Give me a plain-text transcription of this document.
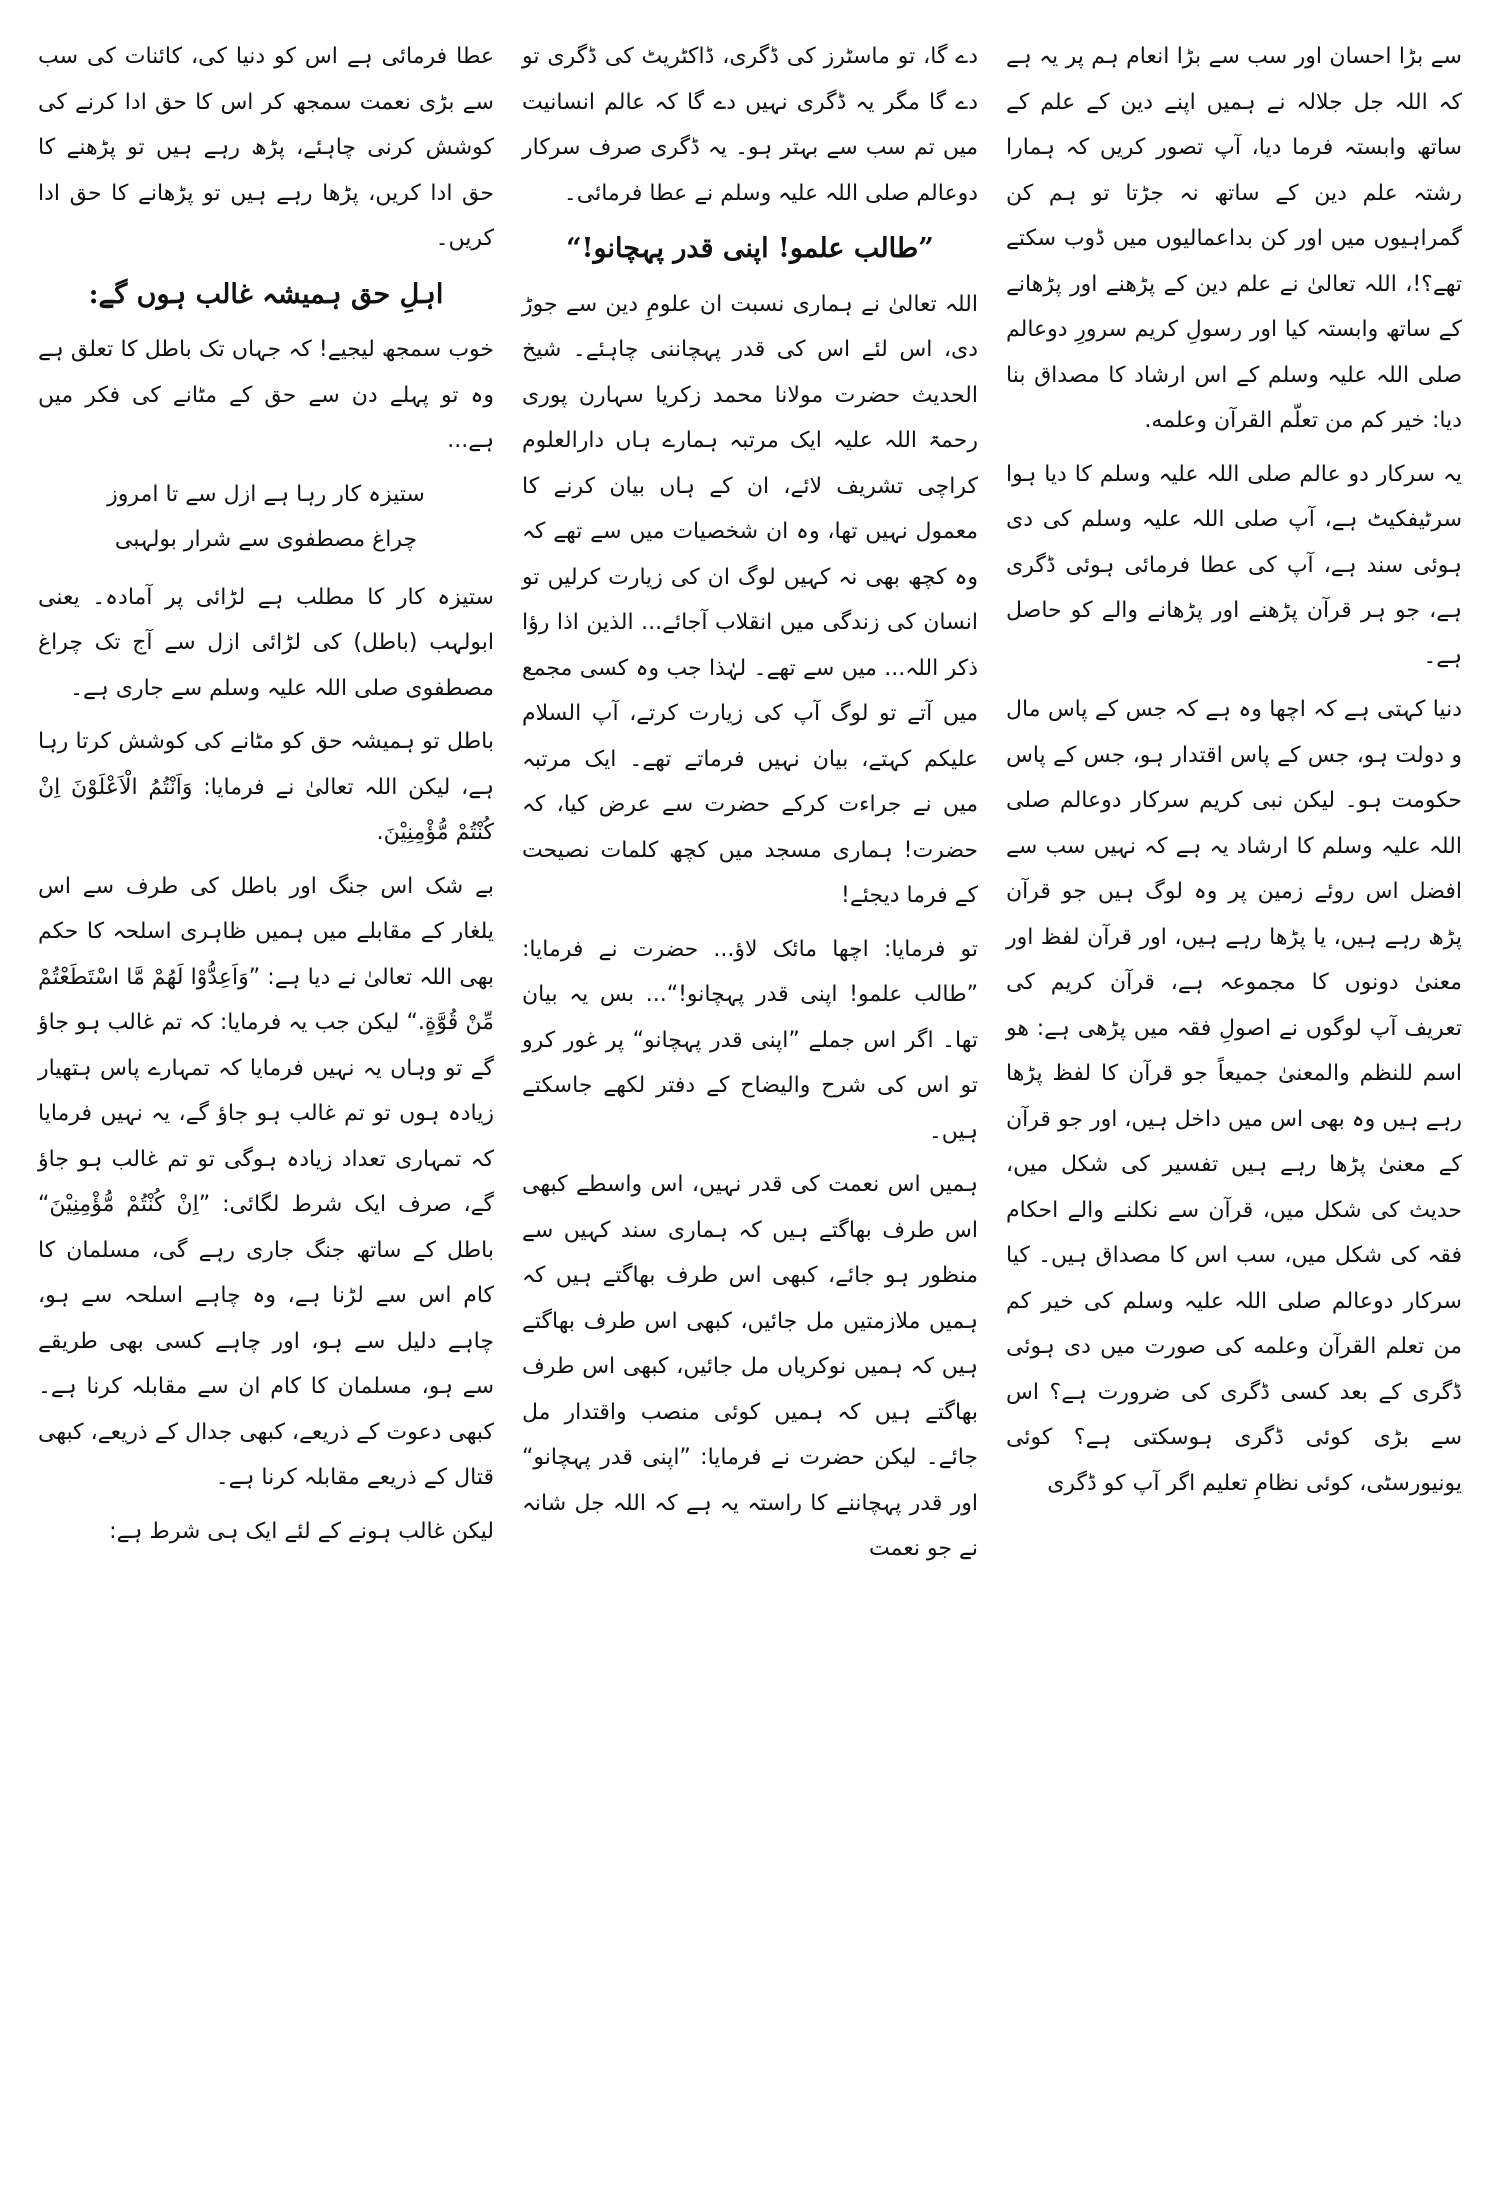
سے بڑا احسان اور سب سے بڑا انعام ہم پر یہ ہے کہ اللہ جل جلالہ نے ہمیں اپنے دین کے علم کے ساتھ وابستہ فرما دیا، آپ تصور کریں کہ ہمارا رشتہ علم دین کے ساتھ نہ جڑتا تو ہم کن گمراہیوں میں اور کن بداعمالیوں میں ڈوب سکتے تھے؟!، اللہ تعالیٰ نے علم دین کے پڑھنے اور پڑھانے کے ساتھ وابستہ کیا اور رسولِ کریم سرورِ دوعالم صلی اللہ علیہ وسلم کے اس ارشاد کا مصداق بنا دیا: خیر کم من تعلّم القرآن وعلمه.

یہ سرکار دو عالم صلی اللہ علیہ وسلم کا دیا ہوا سرٹیفکیٹ ہے، آپ صلی اللہ علیہ وسلم کی دی ہوئی سند ہے، آپ کی عطا فرمائی ہوئی ڈگری ہے، جو ہر قرآن پڑھنے اور پڑھانے والے کو حاصل ہے۔

دنیا کہتی ہے کہ اچھا وہ ہے کہ جس کے پاس مال و دولت ہو، جس کے پاس اقتدار ہو، جس کے پاس حکومت ہو۔ لیکن نبی کریم سرکار دوعالم صلی اللہ علیہ وسلم کا ارشاد یہ ہے کہ نہیں سب سے افضل اس روئے زمین پر وہ لوگ ہیں جو قرآن پڑھ رہے ہیں، یا پڑھا رہے ہیں، اور قرآن لفظ اور معنیٰ دونوں کا مجموعہ ہے، قرآن کریم کی تعریف آپ لوگوں نے اصولِ فقہ میں پڑھی ہے: ھو اسم للنظم والمعنیٰ جمیعاً جو قرآن کا لفظ پڑھا رہے ہیں وہ بھی اس میں داخل ہیں، اور جو قرآن کے معنیٰ پڑھا رہے ہیں تفسیر کی شکل میں، حدیث کی شکل میں، قرآن سے نکلنے والے احکام فقہ کی شکل میں، سب اس کا مصداق ہیں۔ کیا سرکار دوعالم صلی اللہ علیہ وسلم کی خیر کم من تعلم القرآن وعلمه کی صورت میں دی ہوئی ڈگری کے بعد کسی ڈگری کی ضرورت ہے؟ اس سے بڑی کوئی ڈگری ہوسکتی ہے؟ کوئی یونیورسٹی، کوئی نظامِ تعلیم اگر آپ کو ڈگری

دے گا، تو ماسٹرز کی ڈگری، ڈاکٹریٹ کی ڈگری تو دے گا مگر یہ ڈگری نہیں دے گا کہ عالم انسانیت میں تم سب سے بہتر ہو۔ یہ ڈگری صرف سرکار دوعالم صلی اللہ علیہ وسلم نے عطا فرمائی۔

”طالب علمو! اپنی قدر پہچانو!“

اللہ تعالیٰ نے ہماری نسبت ان علومِ دین سے جوڑ دی، اس لئے اس کی قدر پہچاننی چاہئے۔ شیخ الحدیث حضرت مولانا محمد زکریا سہارن پوری رحمۃ اللہ علیہ ایک مرتبہ ہمارے ہاں دارالعلوم کراچی تشریف لائے، ان کے ہاں بیان کرنے کا معمول نہیں تھا، وہ ان شخصیات میں سے تھے کہ وہ کچھ بھی نہ کہیں لوگ ان کی زیارت کرلیں تو انسان کی زندگی میں انقلاب آجائے... الذین اذا رؤا ذکر اللہ... میں سے تھے۔ لہٰذا جب وہ کسی مجمع میں آتے تو لوگ آپ کی زیارت کرتے، آپ السلام علیکم کہتے، بیان نہیں فرماتے تھے۔ ایک مرتبہ میں نے جراءت کرکے حضرت سے عرض کیا، کہ حضرت! ہماری مسجد میں کچھ کلمات نصیحت کے فرما دیجئے!

تو فرمایا: اچھا مائک لاؤ... حضرت نے فرمایا: ”طالب علمو! اپنی قدر پہچانو!“... بس یہ بیان تھا۔ اگر اس جملے ”اپنی قدر پہچانو“ پر غور کرو تو اس کی شرح والیضاح کے دفتر لکھے جاسکتے ہیں۔

ہمیں اس نعمت کی قدر نہیں، اس واسطے کبھی اس طرف بھاگتے ہیں کہ ہماری سند کہیں سے منظور ہو جائے، کبھی اس طرف بھاگتے ہیں کہ ہمیں ملازمتیں مل جائیں، کبھی اس طرف بھاگتے ہیں کہ ہمیں نوکریاں مل جائیں، کبھی اس طرف بھاگتے ہیں کہ ہمیں کوئی منصب واقتدار مل جائے۔ لیکن حضرت نے فرمایا: ”اپنی قدر پہچانو“ اور قدر پہچاننے کا راستہ یہ ہے کہ اللہ جل شانہ نے جو نعمت

عطا فرمائی ہے اس کو دنیا کی، کائنات کی سب سے بڑی نعمت سمجھ کر اس کا حق ادا کرنے کی کوشش کرنی چاہئے، پڑھ رہے ہیں تو پڑھنے کا حق ادا کریں، پڑھا رہے ہیں تو پڑھانے کا حق ادا کریں۔

اہلِ حق ہمیشہ غالب ہوں گے:

خوب سمجھ لیجیے! کہ جہاں تک باطل کا تعلق ہے وہ تو پہلے دن سے حق کے مٹانے کی فکر میں ہے...

ستیزہ کار رہا ہے ازل سے تا امروز

چراغ مصطفوی سے شرار بولہبی

ستیزہ کار کا مطلب ہے لڑائی پر آمادہ۔ یعنی ابولہب (باطل) کی لڑائی ازل سے آج تک چراغ مصطفوی صلی اللہ علیہ وسلم سے جاری ہے۔

باطل تو ہمیشہ حق کو مٹانے کی کوشش کرتا رہا ہے، لیکن اللہ تعالیٰ نے فرمایا: وَاَنْتُمُ الْاَعْلَوْنَ اِنْ کُنْتُمْ مُّؤْمِنِیْنَ.

بے شک اس جنگ اور باطل کی طرف سے اس یلغار کے مقابلے میں ہمیں ظاہری اسلحہ کا حکم بھی اللہ تعالیٰ نے دیا ہے: ”وَاَعِدُّوْا لَهُمْ مَّا اسْتَطَعْتُمْ مِّنْ قُوَّةٍ.“ لیکن جب یہ فرمایا: کہ تم غالب ہو جاؤ گے تو وہاں یہ نہیں فرمایا کہ تمہارے پاس ہتھیار زیادہ ہوں تو تم غالب ہو جاؤ گے، یہ نہیں فرمایا کہ تمہاری تعداد زیادہ ہوگی تو تم غالب ہو جاؤ گے، صرف ایک شرط لگائی: ”اِنْ کُنْتُمْ مُّؤْمِنِیْنَ“ باطل کے ساتھ جنگ جاری رہے گی، مسلمان کا کام اس سے لڑنا ہے، وہ چاہے اسلحہ سے ہو، چاہے دلیل سے ہو، اور چاہے کسی بھی طریقے سے ہو، مسلمان کا کام ان سے مقابلہ کرنا ہے۔ کبھی دعوت کے ذریعے، کبھی جدال کے ذریعے، کبھی قتال کے ذریعے مقابلہ کرنا ہے۔

لیکن غالب ہونے کے لئے ایک ہی شرط ہے:
